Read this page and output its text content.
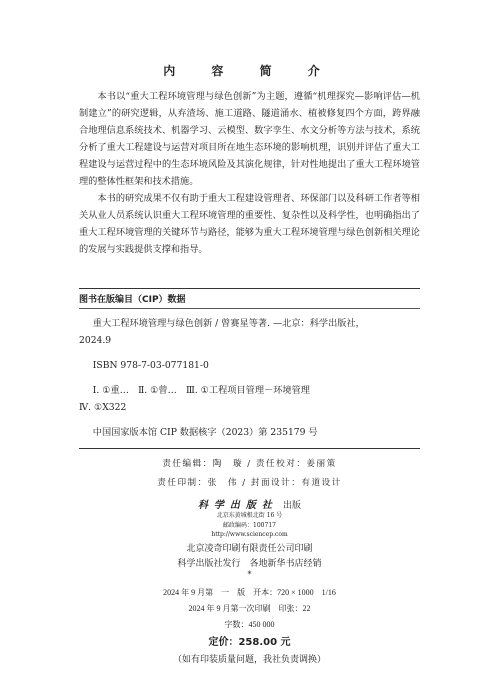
内 容 简 介

本书以“重大工程环境管理与绿色创新”为主题，遵循“机理探究—影响评估—机制建立”的研究逻辑，从弃渣场、施工道路、隧道涌水、植被修复四个方面，跨界融合地理信息系统技术、机器学习、云模型、数字孪生、水文分析等方法与技术，系统分析了重大工程建设与运营对项目所在地生态环境的影响机理，识别并评估了重大工程建设与运营过程中的生态环境风险及其演化规律，针对性地提出了重大工程环境管理的整体性框架和技术措施。

本书的研究成果不仅有助于重大工程建设管理者、环保部门以及科研工作者等相关从业人员系统认识重大工程环境管理的重要性、复杂性以及科学性，也明确指出了重大工程环境管理的关键环节与路径，能够为重大工程环境管理与绿色创新相关理论的发展与实践提供支撑和指导。

图书在版编目（CIP）数据
重大工程环境管理与绿色创新 / 曾赛星等著. —北京：科学出版社，
2024.9
ISBN 978-7-03-077181-0
Ⅰ. ①重…　Ⅱ. ①曾…　Ⅲ. ①工程项目管理－环境管理
Ⅳ. ①X322
中国国家版本馆 CIP 数据核字（2023）第 235179 号
责任编辑：陶　璇 / 责任校对：姜丽策
责任印制：张　伟 / 封面设计：有道设计
科学出版社 出版
北京东黄城根北街 16 号
邮政编码：100717
http://www.sciencep.com
北京凌奇印刷有限责任公司印刷
科学出版社发行　各地新华书店经销
*
2024 年 9 月第　一　版　开本：720 × 1000　1/16
2024 年 9 月第一次印刷　印张：22
字数：450 000
定价：258.00 元
（如有印装质量问题，我社负责调换）
